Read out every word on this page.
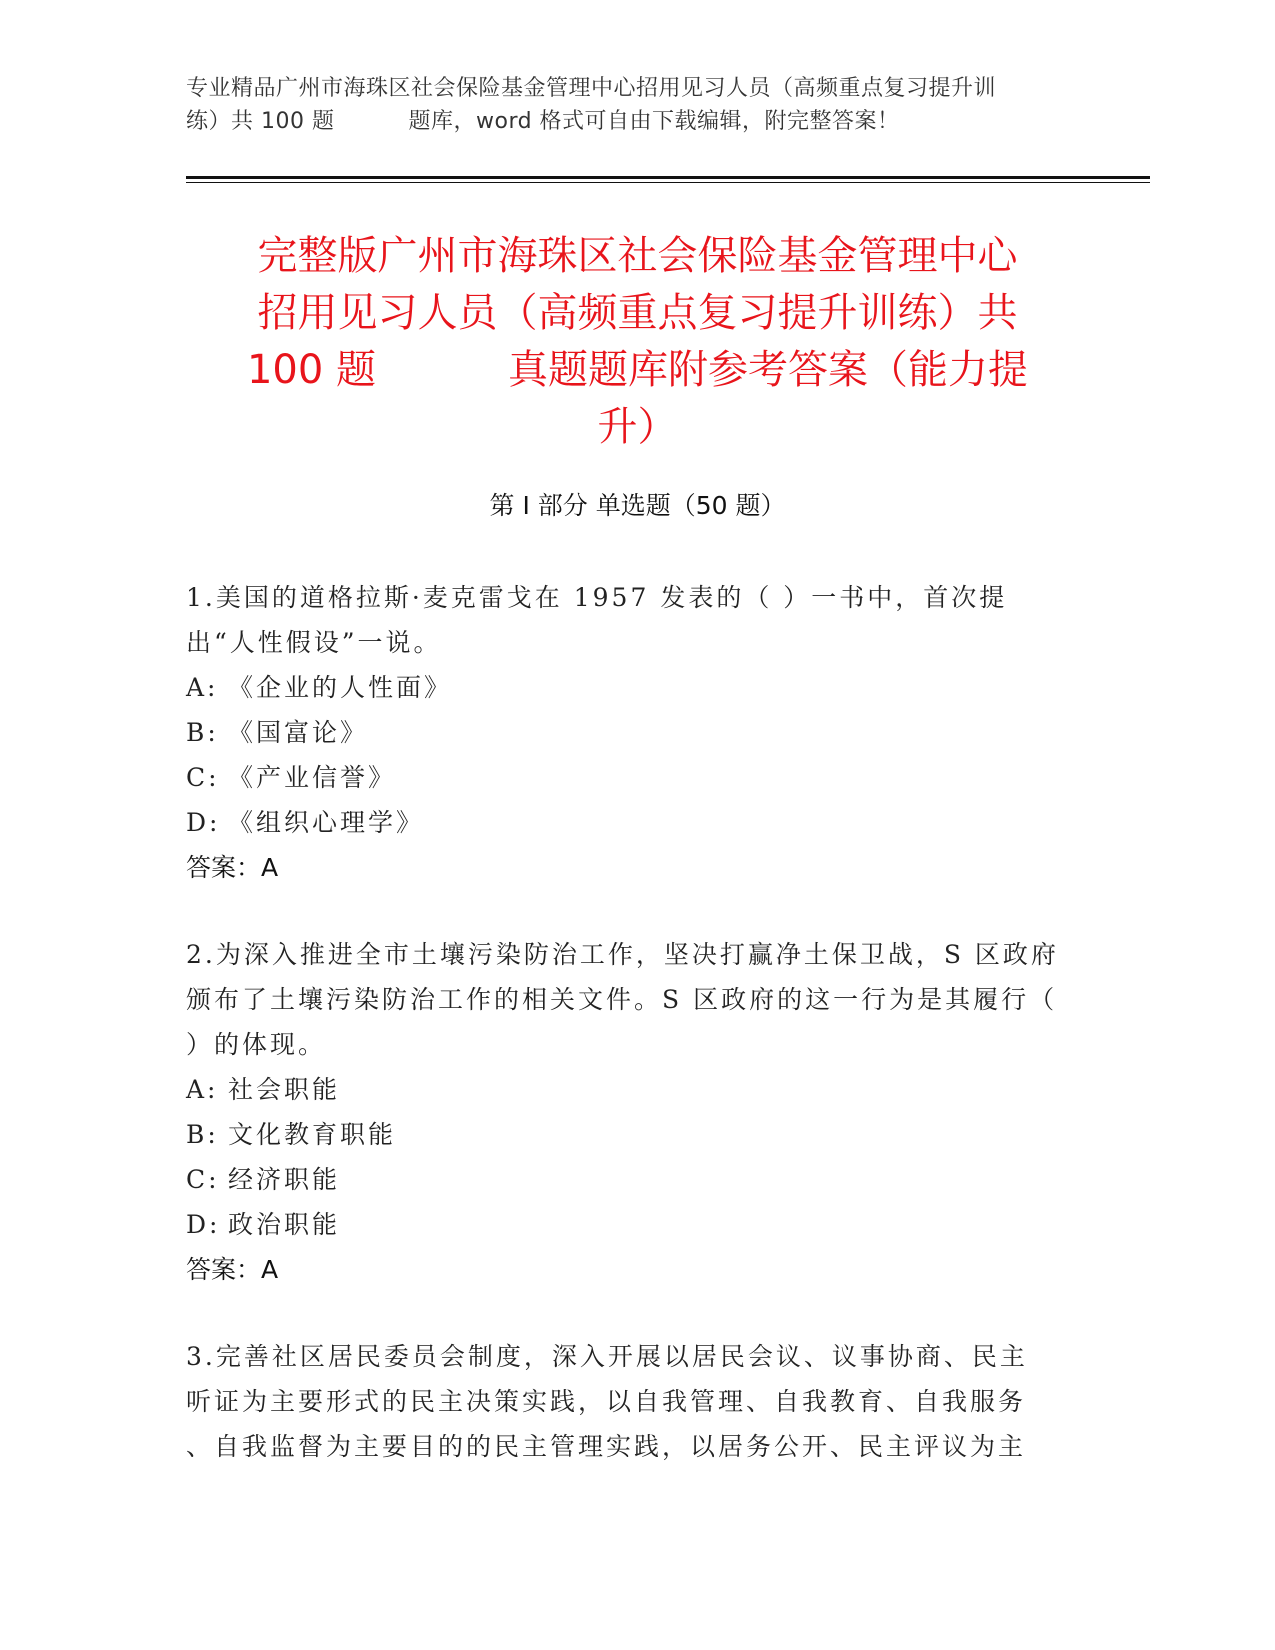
专业精品广州市海珠区社会保险基金管理中心招用见习人员（高频重点复习提升训
练）共 100 题	题库，word 格式可自由下载编辑，附完整答案！
完整版广州市海珠区社会保险基金管理中心
招用见习人员（高频重点复习提升训练）共
100 题	真题题库附参考答案（能力提
升）
第 I 部分 单选题（50 题）
1.美国的道格拉斯·麦克雷戈在 1957 发表的（ ）一书中，首次提
出“人性假设”一说。
A: 《企业的人性面》
B: 《国富论》
C: 《产业信誉》
D: 《组织心理学》
答案：A
2.为深入推进全市土壤污染防治工作，坚决打赢净土保卫战，S 区政府
颁布了土壤污染防治工作的相关文件。S 区政府的这一行为是其履行（
）的体现。
A: 社会职能
B: 文化教育职能
C: 经济职能
D: 政治职能
答案：A
3.完善社区居民委员会制度，深入开展以居民会议、议事协商、民主
听证为主要形式的民主决策实践，以自我管理、自我教育、自我服务
、自我监督为主要目的的民主管理实践，以居务公开、民主评议为主
